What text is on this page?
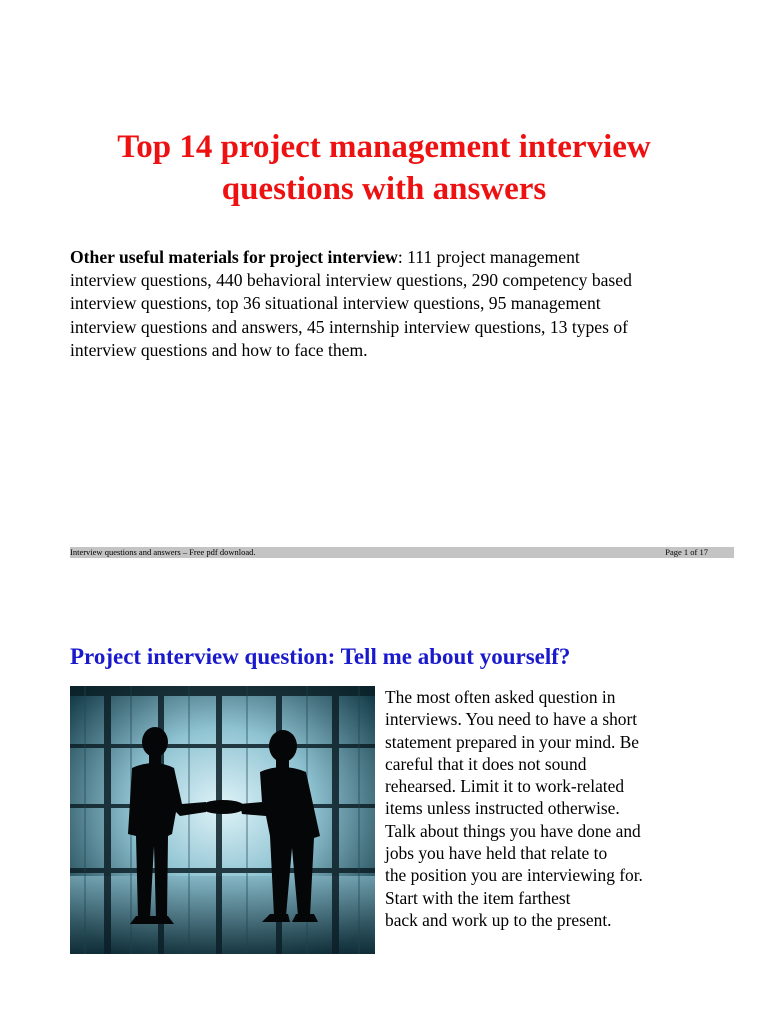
Top 14 project management interview
questions with answers

Other useful materials for project interview: 111 project management
interview questions, 440 behavioral interview questions, 290 competency based
interview questions, top 36 situational interview questions, 95 management
interview questions and answers, 45 internship interview questions, 13 types of
interview questions and how to face them.

Interview questions and answers – Free pdf download.	Page 1 of 17
Project interview question: Tell me about yourself?
The most often asked question in
interviews. You need to have a short
statement prepared in your mind. Be
careful that it does not sound
rehearsed. Limit it to work-related
items unless instructed otherwise.
Talk about things you have done and
jobs you have held that relate to
the position you are interviewing for.
Start with the item farthest
back and work up to the present.
